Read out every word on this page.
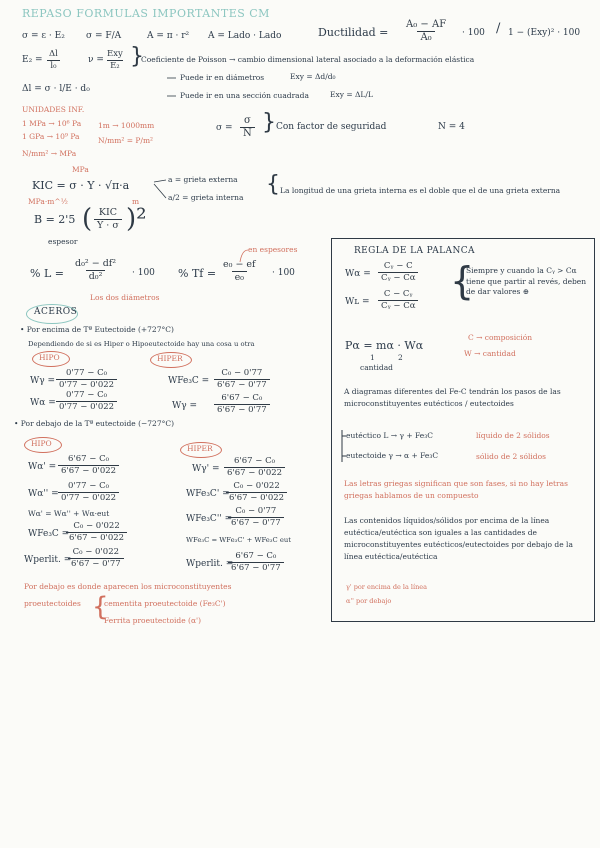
REPASO FORMULAS IMPORTANTES CM
σ = ε · E₂ σ = F/A	A = π · r² A = Lado · Lado	Ductilidad = $\frac{\text{A₀ − AF}}{\text{A₀}} \cdot 100 / 1 - (Exy)^2 \cdot 100$
$E_2 = \frac{\Delta l}{\text{l₀}}$	ν =
Exy
E₂ }
Coeficiente de Poisson → cambio dimensional lateral asociado a la deformación elástica
Puede ir en diámetros	Exy = Δd/d₀
Puede ir en una sección cuadrada	Exy = ΔL/L
Δl = σ · l/E · d₀
UNIDADES INF.
1 MPa → 10⁶ Pa 1m → 1000mm
1 GPa → 10⁹ Pa N/mm² = P/m²
N/mm² → MPa
$\sigma = \frac{\sigma}{N}$ } Con factor de seguridad	N = 4
KIC = σ · Y · √π·a
MPa
MPa·m^½	m
a = grieta externa
a/2 = grieta interna
{ La longitud de una grieta interna es el doble que el de una grieta externa
B = 2'5 ( KIC
Y · σ )²
espesor
% $L = \frac{\text{d₀² − df²}}{\text{d₀²}} \cdot 100$
Los dos diámetros
% $Tf = \frac{\text{e₀ − ef}}{\text{e₀}} \cdot 100$
en espesores	REGLA DE LA PALANCA
$W\alpha = \frac{\text{Cᵧ − C}}{\text{Cᵧ − Cα}}$
Wʟ = $\frac{\text{C − Cᵧ}}{\text{Cᵧ − Cα}}$ {
Siempre y cuando la Cᵧ > Cα tiene que partir al revés, deben de dar valores ⊕
Pα = mα · Wα
1	2
cantidad
C → composición
W → cantidad
A diagramas diferentes del Fe-C tendrán los pasos de las microconstituyentes eutécticos / eutectoides
eutéctico L → γ + Fe₃C	líquido de 2 sólidos
eutectoide γ → α + Fe₃C	sólido de 2 sólidos
Las letras griegas significan que son fases, si no hay letras griegas hablamos de un compuesto
Las contenidos líquidos/sólidos por encima de la línea eutéctica/eutéctica son iguales a las cantidades de microconstituyentes eutécticos/eutectoides por debajo de la línea eutéctica/eutéctica
γ' por encima de la línea
α'' por debajo
ACEROS
• Por encima de Tª Eutectoide (+727°C)
Dependiendo de si es Hiper o Hipoeutectoide hay una cosa u otra
HIPO	HIPER
$W\gamma = \frac{\text{0'77 − C₀}}{0'77 - 0'022}$
$W\alpha = \frac{\text{0'77 − C₀}}{0'77 - 0'022}$
$WFe_3C = \frac{\text{C₀ − 0'77}}{6'67 - 0'77}$
$W\gamma = \frac{\text{6'67 − C₀}}{6'67 - 0'77}$
• Por debajo de la Tª eutectoide (−727°C)
HIPO
HIPER
$W\alpha' = \frac{\text{6'67 − C₀}}{6'67 - 0'022}$
$W\alpha'' = \frac{\text{0'77 − C₀}}{0'77 - 0'022}$
Wα' = Wα'' + Wα·eut
WFe₃C =
$\frac{\text{C₀ − 0'022}}{6'67 - 0'022}$
Wperlit. =
$\frac{\text{C₀ − 0'022}}{6'67 - 0'77}$
$W\gamma' = \frac{\text{6'67 − C₀}}{6'67 - 0'022}$
WFe₃C' =
$\frac{\text{C₀ − 0'022}}{6'67 - 0'022}$
WFe₃C'' =
$\frac{\text{C₀ − 0'77}}{6'67 - 0'77}$
WFe₃C = WFe₃C' + WFe₃C eut
Wperlit. =
$\frac{\text{6'67 − C₀}}{6'67 - 0'77}$
Por debajo es donde aparecen los microconstituyentes
proeutectoides {
cementita proeutectoide (Fe₃C')
Ferrita proeutectoide (α')
